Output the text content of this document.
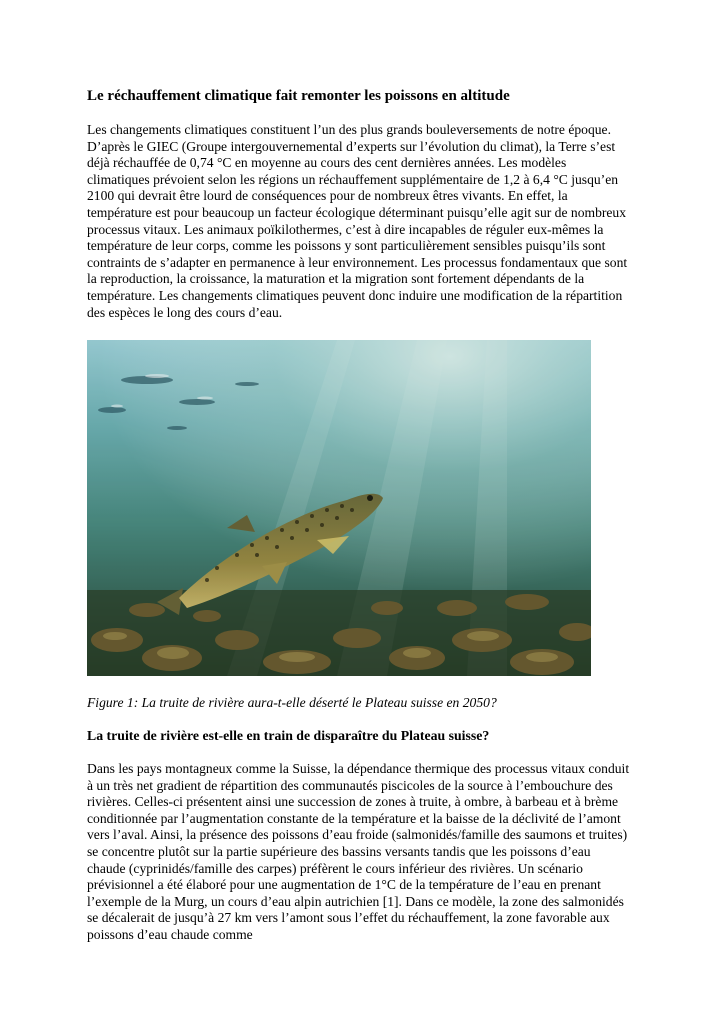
Le réchauffement climatique fait remonter les poissons en altitude

Les changements climatiques constituent l’un des plus grands bouleversements de notre époque. D’après le GIEC (Groupe intergouvernemental d’experts sur l’évolution du climat), la Terre s’est déjà réchauffée de 0,74 °C en moyenne au cours des cent dernières années. Les modèles climatiques prévoient selon les régions un réchauffement supplémentaire de 1,2 à 6,4 °C jusqu’en 2100 qui devrait être lourd de conséquences pour de nombreux êtres vivants. En effet, la température est pour beaucoup un facteur écologique déterminant puisqu’elle agit sur de nombreux processus vitaux. Les animaux poïkilothermes, c’est à dire incapables de réguler eux-mêmes la température de leur corps, comme les poissons y sont particulièrement sensibles puisqu’ils sont contraints de s’adapter en permanence à leur environnement. Les processus fondamentaux que sont la reproduction, la croissance, la maturation et la migration sont fortement dépendants de la température. Les changements climatiques peuvent donc induire une modification de la répartition des espèces le long des cours d’eau.

Figure 1: La truite de rivière aura-t-elle déserté le Plateau suisse en 2050?

La truite de rivière est-elle en train de disparaître du Plateau suisse?

Dans les pays montagneux comme la Suisse, la dépendance thermique des processus vitaux conduit à un très net gradient de répartition des communautés piscicoles de la source à l’embouchure des rivières. Celles-ci présentent ainsi une succession de zones à truite, à ombre, à barbeau et à brème conditionnée par l’augmentation constante de la température et la baisse de la déclivité de l’amont vers l’aval. Ainsi, la présence des poissons d’eau froide (salmonidés/famille des saumons et truites) se concentre plutôt sur la partie supérieure des bassins versants tandis que les poissons d’eau chaude (cyprinidés/famille des carpes) préfèrent le cours inférieur des rivières. Un scénario prévisionnel a été élaboré pour une augmentation de 1°C de la température de l’eau en prenant l’exemple de la Murg, un cours d’eau alpin autrichien [1]. Dans ce modèle, la zone des salmonidés se décalerait de jusqu’à 27 km vers l’amont sous l’effet du réchauffement, la zone favorable aux poissons d’eau chaude comme
